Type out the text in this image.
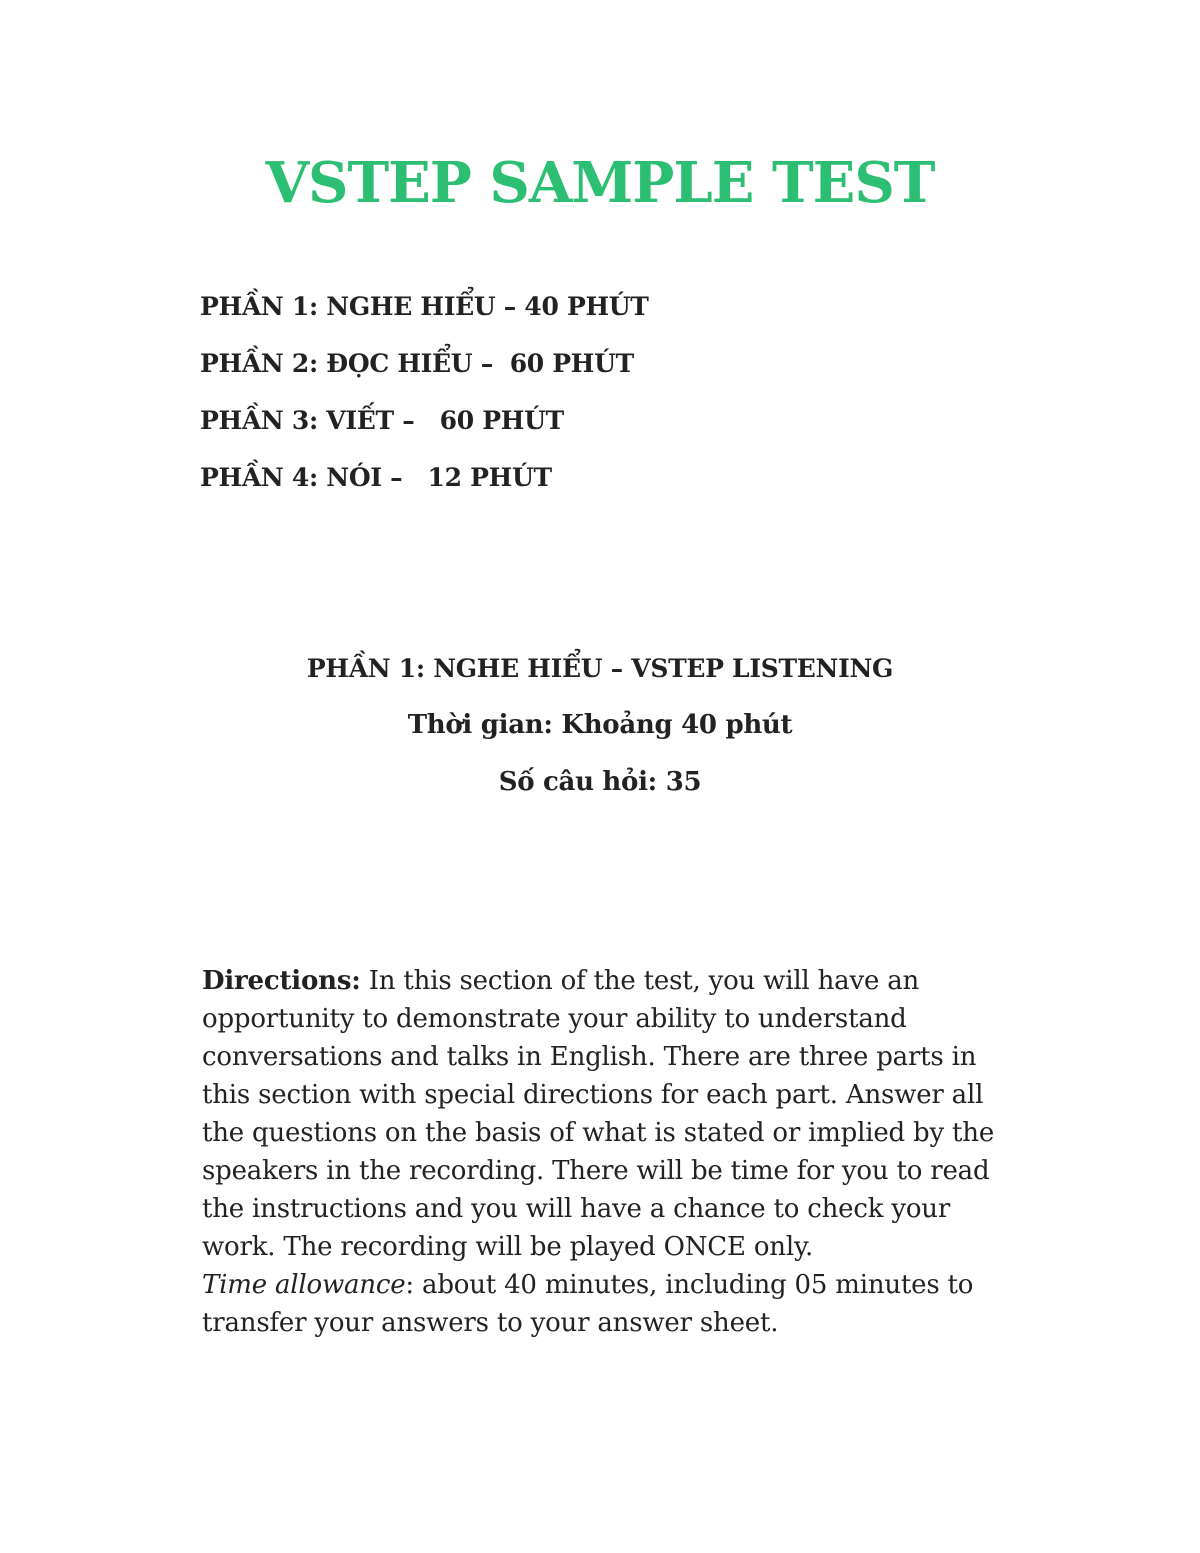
VSTEP SAMPLE TEST
PHẦN 1: NGHE HIỂU – 40 PHÚT
PHẦN 2: ĐỌC HIỂU –  60 PHÚT
PHẦN 3: VIẾT –   60 PHÚT
PHẦN 4: NÓI –   12 PHÚT

PHẦN 1: NGHE HIỂU – VSTEP LISTENING

Thời gian: Khoảng 40 phút

Số câu hỏi: 35

Directions: In this section of the test, you will have an opportunity to demonstrate your ability to understand conversations and talks in English. There are three parts in this section with special directions for each part. Answer all the questions on the basis of what is stated or implied by the speakers in the recording. There will be time for you to read the instructions and you will have a chance to check your work. The recording will be played ONCE only.

Time allowance: about 40 minutes, including 05 minutes to transfer your answers to your answer sheet.
